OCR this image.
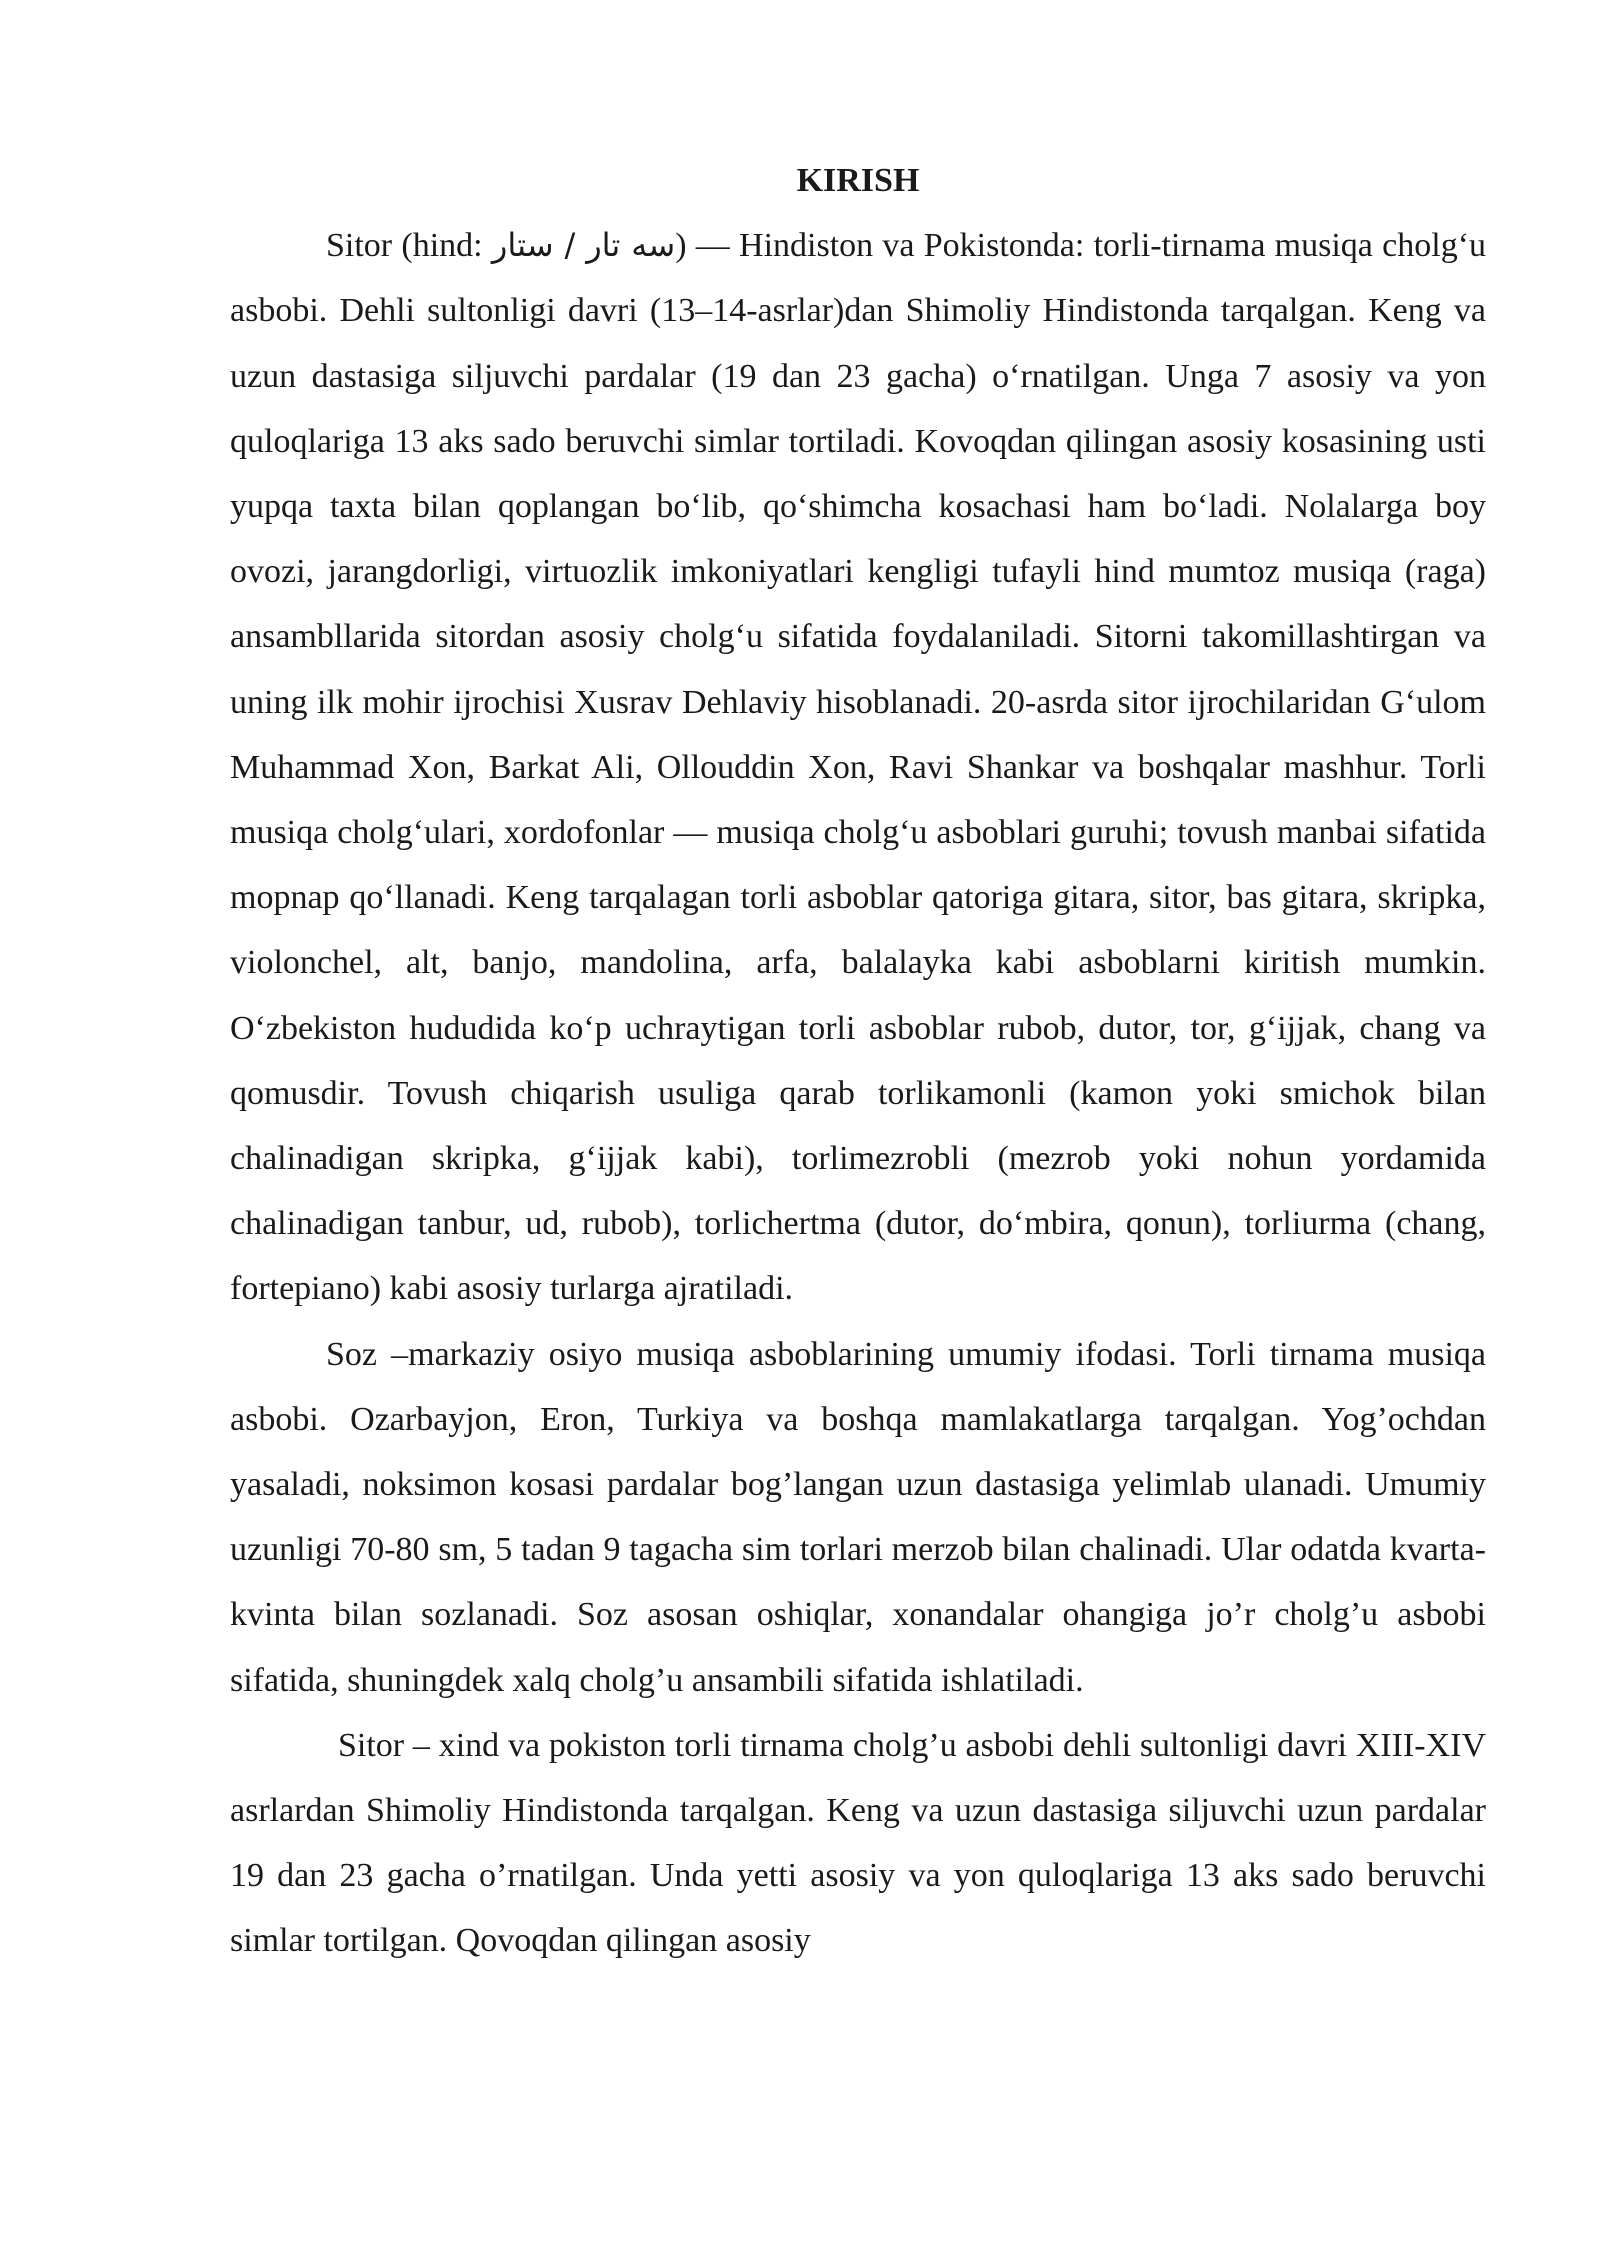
KIRISH

Sitor (hind: سه تار / ستار) — Hindiston va Pokistonda: torli-tirnama musiqa cholgʻu asbobi. Dehli sultonligi davri (13–14-asrlar)dan Shimoliy Hindistonda tarqalgan. Keng va uzun dastasiga siljuvchi pardalar (19 dan 23 gacha) oʻrnatilgan. Unga 7 asosiy va yon quloqlariga 13 aks sado beruvchi simlar tortiladi. Kovoqdan qilingan asosiy kosasining usti yupqa taxta bilan qoplangan boʻlib, qoʻshimcha kosachasi ham boʻladi. Nolalarga boy ovozi, jarangdorligi, virtuozlik imkoniyatlari kengligi tufayli hind mumtoz musiqa (raga) ansambllarida sitordan asosiy cholgʻu sifatida foydalaniladi. Sitorni takomillashtirgan va uning ilk mohir ijrochisi Xusrav Dehlaviy hisoblanadi. 20-asrda sitor ijrochilaridan Gʻulom Muhammad Xon, Barkat Ali, Ollouddin Xon, Ravi Shankar va boshqalar mashhur. Torli musiqa cholgʻulari, xordofonlar — musiqa cholgʻu asboblari guruhi; tovush manbai sifatida mopnap qoʻllanadi. Keng tarqalagan torli asboblar qatoriga gitara, sitor, bas gitara, skripka, violonchel, alt, banjo, mandolina, arfa, balalayka kabi asboblarni kiritish mumkin. Oʻzbekiston hududida koʻp uchraytigan torli asboblar rubob, dutor, tor, gʻijjak, chang va qomusdir. Tovush chiqarish usuliga qarab torlikamonli (kamon yoki smichok bilan chalinadigan skripka, gʻijjak kabi), torlimezrobli (mezrob yoki nohun yordamida chalinadigan tanbur, ud, rubob), torlichertma (dutor, doʻmbira, qonun), torliurma (chang, fortepiano) kabi asosiy turlarga ajratiladi.

Soz –markaziy osiyo musiqa asboblarining umumiy ifodasi. Torli tirnama musiqa asbobi. Ozarbayjon, Eron, Turkiya va boshqa mamlakatlarga tarqalgan. Yog’ochdan yasaladi, noksimon kosasi pardalar bog’langan uzun dastasiga yelimlab ulanadi. Umumiy uzunligi 70-80 sm, 5 tadan 9 tagacha sim torlari merzob bilan chalinadi. Ular odatda kvarta-kvinta bilan sozlanadi. Soz asosan oshiqlar, xonandalar ohangiga jo’r cholg’u asbobi sifatida, shuningdek xalq cholg’u ansambili sifatida ishlatiladi.

Sitor – xind va pokiston torli tirnama cholg’u asbobi dehli sultonligi davri XIII-XIV asrlardan Shimoliy Hindistonda tarqalgan. Keng va uzun dastasiga siljuvchi uzun pardalar 19 dan 23 gacha o’rnatilgan. Unda yetti asosiy va yon quloqlariga 13 aks sado beruvchi simlar tortilgan. Qovoqdan qilingan asosiy
